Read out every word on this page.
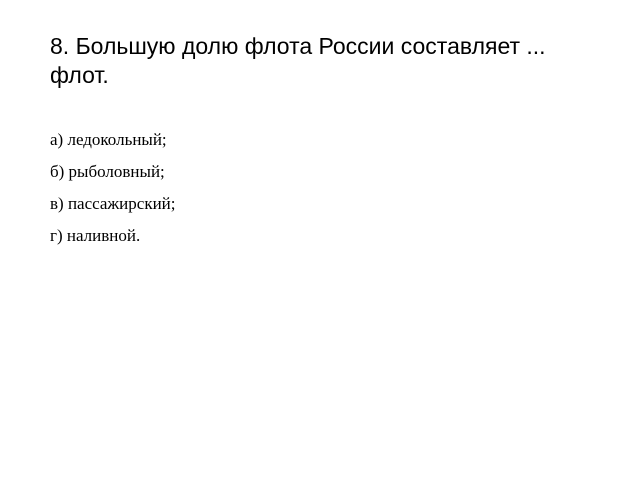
8. Большую долю флота России составляет ... флот.
а) ледокольный;
б) рыболовный;
в) пассажирский;
г) наливной.
